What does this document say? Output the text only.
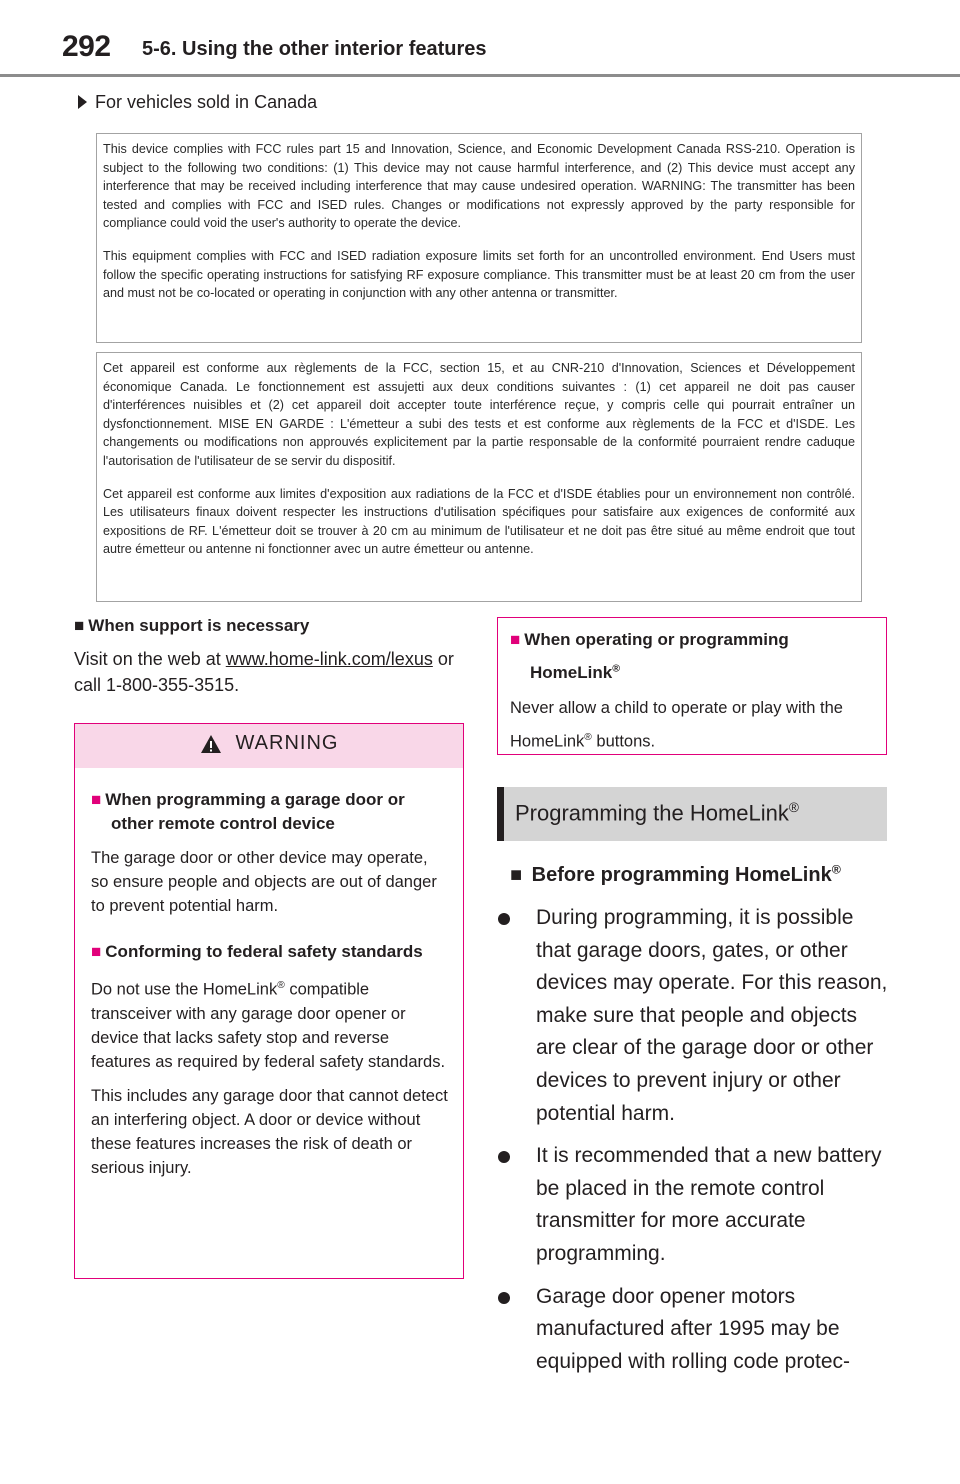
292 5-6. Using the other interior features
For vehicles sold in Canada

This device complies with FCC rules part 15 and Innovation, Science, and Economic Development Canada RSS-210. Operation is subject to the following two conditions: (1) This device may not cause harmful interference, and (2) This device must accept any interference that may be received including interference that may cause undesired operation. WARNING: The transmitter has been tested and complies with FCC and ISED rules. Changes or modifications not expressly approved by the party responsible for compliance could void the user's authority to operate the device.

This equipment complies with FCC and ISED radiation exposure limits set forth for an uncontrolled environment. End Users must follow the specific operating instructions for satisfying RF exposure compliance. This transmitter must be at least 20 cm from the user and must not be co-located or operating in conjunction with any other antenna or transmitter.

Cet appareil est conforme aux règlements de la FCC, section 15, et au CNR-210 d'Innovation, Sciences et Développement économique Canada. Le fonctionnement est assujetti aux deux conditions suivantes : (1) cet appareil ne doit pas causer d'interférences nuisibles et (2) cet appareil doit accepter toute interférence reçue, y compris celle qui pourrait entraîner un dysfonctionnement. MISE EN GARDE : L'émetteur a subi des tests et est conforme aux règlements de la FCC et d'ISDE. Les changements ou modifications non approuvés explicitement par la partie responsable de la conformité pourraient rendre caduque l'autorisation de l'utilisateur de se servir du dispositif.

Cet appareil est conforme aux limites d'exposition aux radiations de la FCC et d'ISDE établies pour un environnement non contrôlé. Les utilisateurs finaux doivent respecter les instructions d'utilisation spécifiques pour satisfaire aux exigences de conformité aux expositions de RF. L'émetteur doit se trouver à 20 cm au minimum de l'utilisateur et ne doit pas être situé au même endroit que tout autre émetteur ou antenne ni fonctionner avec un autre émetteur ou antenne.

■ When support is necessary
Visit on the web at www.home-link.com/lexus or call 1-800-355-3515.
WARNING
■ When programming a garage door or other remote control device
The garage door or other device may operate, so ensure people and objects are out of danger to prevent potential harm.
■ Conforming to federal safety standards
Do not use the HomeLink® compatible transceiver with any garage door opener or device that lacks safety stop and reverse features as required by federal safety standards.
This includes any garage door that cannot detect an interfering object. A door or device without these features increases the risk of death or serious injury.
■ When operating or programming HomeLink®
Never allow a child to operate or play with the HomeLink® buttons.
Programming the HomeLink®
■ Before programming HomeLink®
During programming, it is possible that garage doors, gates, or other devices may operate. For this reason, make sure that people and objects are clear of the garage door or other devices to prevent injury or other potential harm.
It is recommended that a new battery be placed in the remote control transmitter for more accurate programming.
Garage door opener motors manufactured after 1995 may be equipped with rolling code protec-
